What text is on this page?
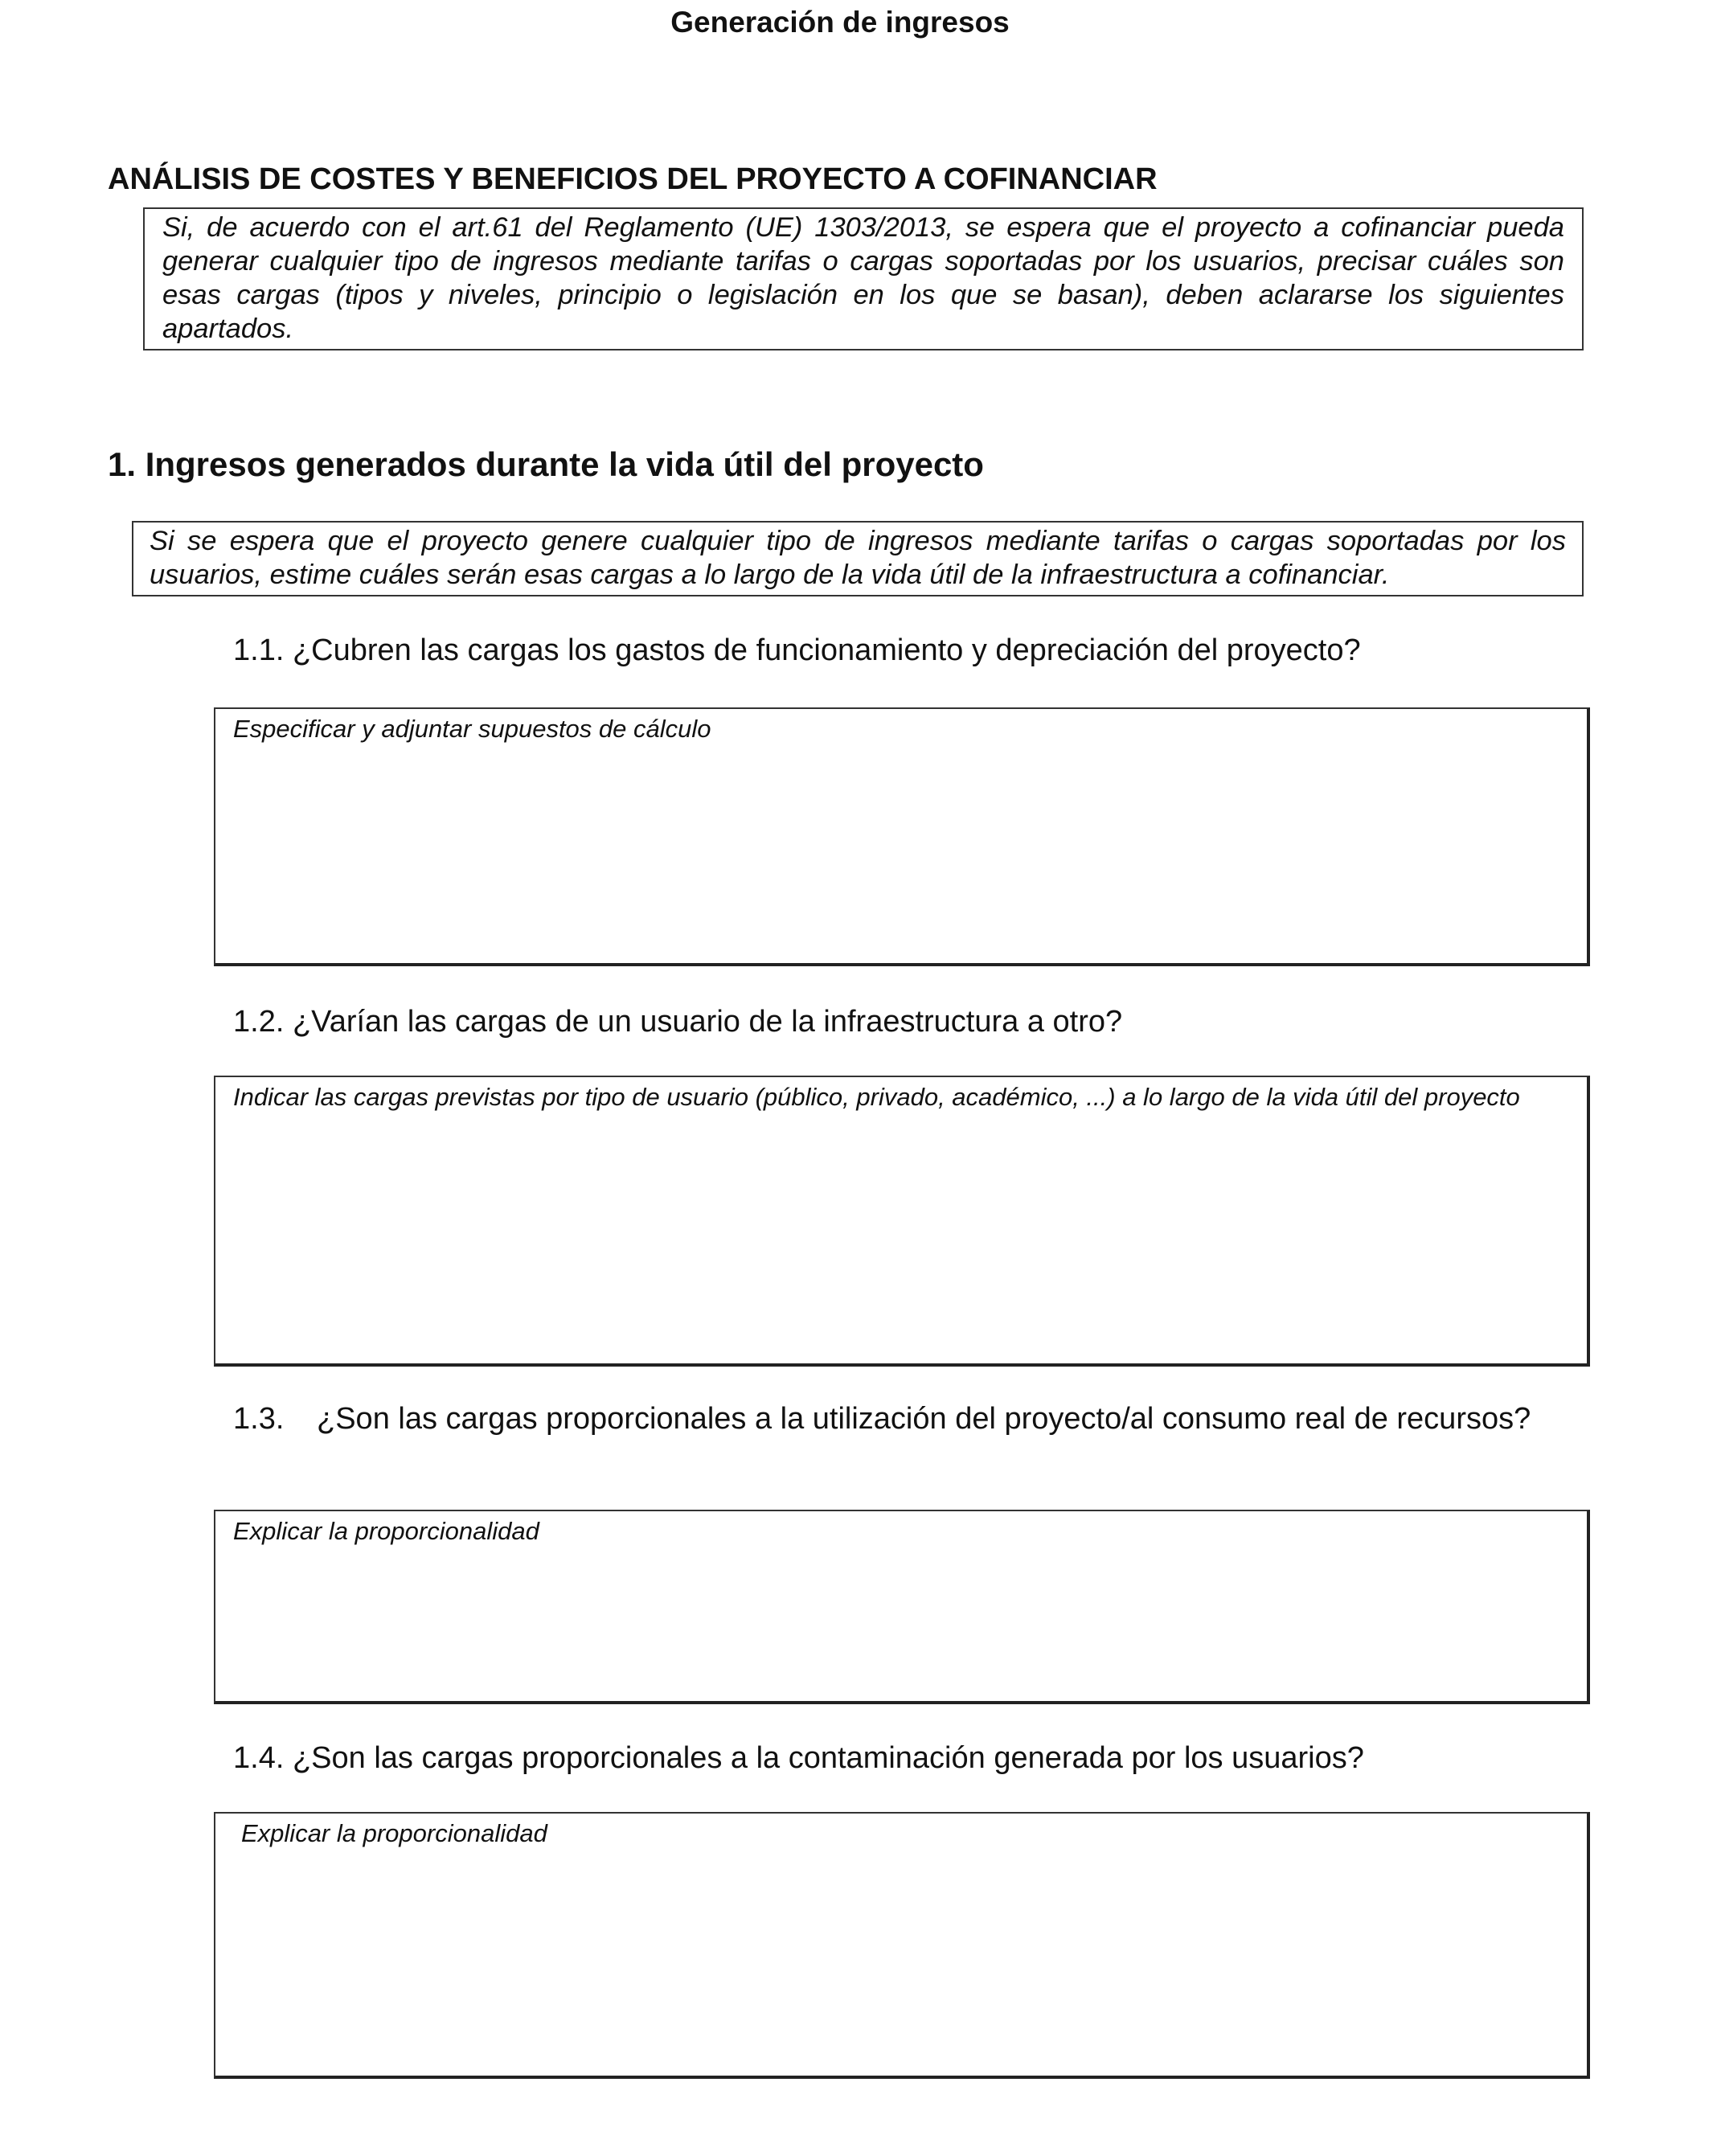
Generación de ingresos
ANÁLISIS DE COSTES Y BENEFICIOS DEL PROYECTO A COFINANCIAR
Si, de acuerdo con el art.61 del Reglamento (UE) 1303/2013, se espera que el proyecto a cofinanciar pueda generar cualquier tipo de ingresos mediante tarifas o cargas soportadas por los usuarios, precisar cuáles son esas cargas (tipos y niveles, principio o legislación en los que se basan), deben aclararse los siguientes apartados.
1. Ingresos generados durante la vida útil del proyecto
Si se espera que el proyecto genere cualquier tipo de ingresos mediante tarifas o cargas soportadas por los usuarios, estime cuáles serán esas cargas a lo largo de la vida útil de la infraestructura a cofinanciar.
1.1. ¿Cubren las cargas los gastos de funcionamiento y depreciación del proyecto?
Especificar y adjuntar supuestos de cálculo
1.2. ¿Varían las cargas de un usuario de la infraestructura a otro?
Indicar las cargas previstas por tipo de usuario (público, privado, académico, ...) a lo largo de la vida útil del proyecto
1.3.	¿Son las cargas proporcionales a la utilización del proyecto/al consumo real de recursos?
Explicar la proporcionalidad
1.4. ¿Son las cargas proporcionales a la contaminación generada por los usuarios?
Explicar la proporcionalidad
